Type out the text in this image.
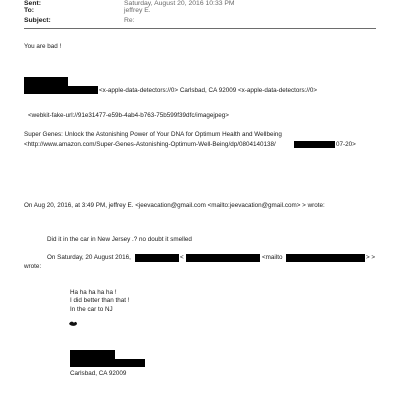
Sent:	Saturday, August 20, 2016 10:33 PM
To:	jeffrey E.
Subject:	Re:
You are bad !
<x-apple-data-detectors://0> Carlsbad, CA 92009 <x-apple-data-detectors://0>
<webkit-fake-url://91e31477-e59b-4ab4-b763-75b599f39dfc/imagejpeg>
Super Genes: Unlock the Astonishing Power of Your DNA for Optimum Health and Wellbeing
<http://www.amazon.com/Super-Genes-Astonishing-Optimum-Well-Being/dp/0804140138/	07-20>
On Aug 20, 2016, at 3:49 PM, jeffrey E. <jeevacation@gmail.com <mailto:jeevacation@gmail.com> > wrote:
Did it in the car in New Jersey .? no doubt it smelled
On Saturday, 20 August 2016,	<	<mailto	> >
wrote:
Ha ha ha ha ha !
I did better than that !
In the car to NJ
Carlsbad, CA 92009
